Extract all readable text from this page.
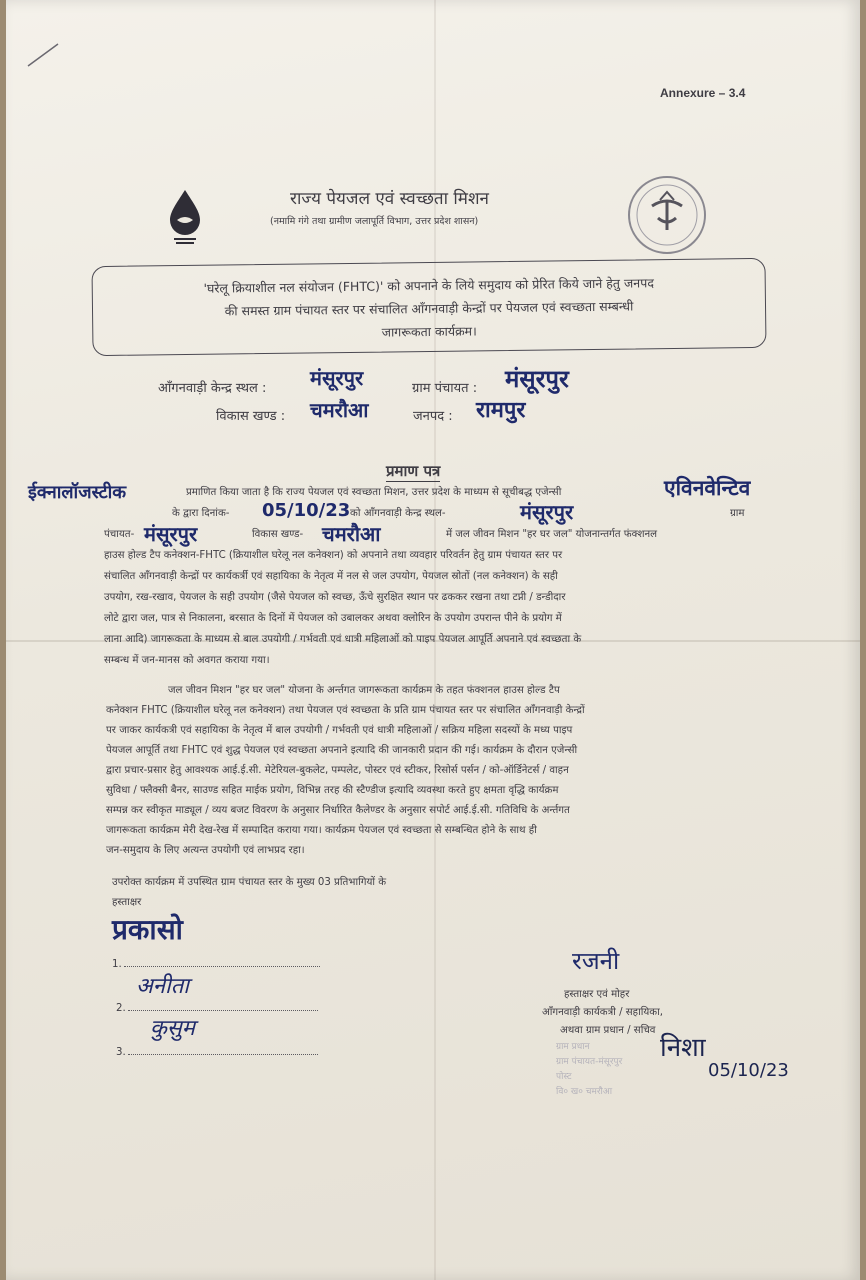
Annexure – 3.4
राज्य पेयजल एवं स्वच्छता मिशन
(नमामि गंगे तथा ग्रामीण जलापूर्ति विभाग, उत्तर प्रदेश शासन)
'घरेलू क्रियाशील नल संयोजन (FHTC)' को अपनाने के लिये समुदाय को प्रेरित किये जाने हेतु जनपद
की समस्त ग्राम पंचायत स्तर पर संचालित आँगनवाड़ी केन्द्रों पर पेयजल एवं स्वच्छता सम्बन्धी
जागरूकता कार्यक्रम।
आँगनवाड़ी केन्द्र स्थल : मंसूरपुर	ग्राम पंचायत : मंसूरपुर
विकास खण्ड : चमरौआ	जनपद : रामपुर
प्रमाण पत्र
ईक्नालॉजस्टीक	एविनवेन्टिव
प्रमाणित किया जाता है कि राज्य पेयजल एवं स्वच्छता मिशन, उत्तर प्रदेश के माध्यम से सूचीबद्ध एजेन्सी
के द्वारा दिनांक- 05/10/23 को आँगनवाड़ी केन्द्र स्थल-	मंसूरपुर	ग्राम
पंचायत- मंसूरपुर	विकास खण्ड- चमरौआ	में जल जीवन मिशन "हर घर जल" योजनान्तर्गत फंक्शनल
हाउस होल्ड टैप कनेक्शन-FHTC (क्रियाशील घरेलू नल कनेक्शन) को अपनाने तथा व्यवहार परिवर्तन हेतु ग्राम पंचायत स्तर पर
संचालित आँगनवाड़ी केन्द्रों पर कार्यकर्त्री एवं सहायिका के नेतृत्व में नल से जल उपयोग, पेयजल स्रोतों (नल कनेक्शन) के सही
उपयोग, रख-रखाव, पेयजल के सही उपयोग (जैसे पेयजल को स्वच्छ, ऊँचे सुरक्षित स्थान पर ढककर रखना तथा टप्नी / डन्डीदार
लोटे द्वारा जल, पात्र से निकालना, बरसात के दिनों में पेयजल को उबालकर अथवा क्लोरिन के उपयोग उपरान्त पीने के प्रयोग में
लाना आदि) जागरूकता के माध्यम से बाल उपयोगी / गर्भवती एवं धात्री महिलाओं को पाइप पेयजल आपूर्ति अपनाने एवं स्वच्छता के
सम्बन्ध में जन-मानस को अवगत कराया गया।
जल जीवन मिशन "हर घर जल" योजना के अर्न्तगत जागरूकता कार्यक्रम के तहत फंक्शनल हाउस होल्ड टैप
कनेक्शन FHTC (क्रियाशील घरेलू नल कनेक्शन) तथा पेयजल एवं स्वच्छता के प्रति ग्राम पंचायत स्तर पर संचालित आँगनवाड़ी केन्द्रों
पर जाकर कार्यकत्री एवं सहायिका के नेतृत्व में बाल उपयोगी / गर्भवती एवं धात्री महिलाओं / सक्रिय महिला सदस्यों के मध्य पाइप
पेयजल आपूर्ति तथा FHTC एवं शुद्ध पेयजल एवं स्वच्छता अपनाने इत्यादि की जानकारी प्रदान की गई। कार्यक्रम के दौरान एजेन्सी
द्वारा प्रचार-प्रसार हेतु आवश्यक आई.ई.सी. मेटेरियल-बुकलेट, पम्पलेट, पोस्टर एवं स्टीकर, रिसोर्स पर्सन / को-ऑर्डिनेटर्स / वाहन
सुविधा / फ्लैक्सी बैनर, साउण्ड सहित माईक प्रयोग, विभिन्न तरह की स्टैण्डीज इत्यादि व्यवस्था करते हुए क्षमता वृद्धि कार्यक्रम
सम्पन्न कर स्वीकृत माड्यूल / व्यय बजट विवरण के अनुसार निर्धारित कैलेण्डर के अनुसार सपोर्ट आई.ई.सी. गतिविधि के अर्न्तगत
जागरूकता कार्यक्रम मेरी देख-रेख में सम्पादित कराया गया। कार्यक्रम पेयजल एवं स्वच्छता से सम्बन्धित होने के साथ ही
जन-समुदाय के लिए अत्यन्त उपयोगी एवं लाभप्रद रहा।
उपरोक्त कार्यक्रम में उपस्थित ग्राम पंचायत स्तर के मुख्य 03 प्रतिभागियों के
हस्ताक्षर
प्रकासो
1.
अनीता
2.
कुसुम
3.
रजनी
हस्ताक्षर एवं मोहर
आँगनवाड़ी कार्यकत्री / सहायिका,
अथवा ग्राम प्रधान / सचिव
ग्राम प्रधान
ग्राम पंचायत-मंसूरपुर
पोस्ट
वि० ख० चमरौआ
निशा
05/10/23
